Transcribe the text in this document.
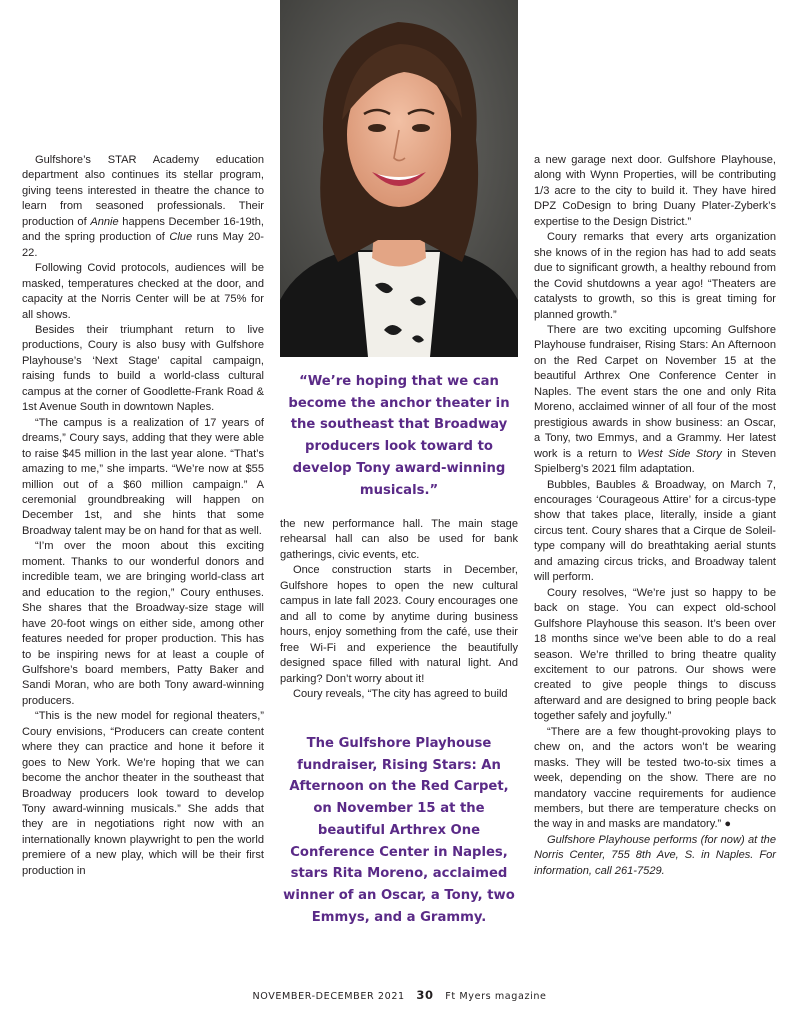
Gulfshore’s STAR Academy education department also continues its stellar program, giving teens interested in theatre the chance to learn from seasoned professionals. Their production of Annie happens December 16-19th, and the spring production of Clue runs May 20-22.

Following Covid protocols, audiences will be masked, temperatures checked at the door, and capacity at the Norris Center will be at 75% for all shows.

Besides their triumphant return to live productions, Coury is also busy with Gulfshore Playhouse’s ‘Next Stage’ capital campaign, raising funds to build a world-class cultural campus at the corner of Goodlette-Frank Road & 1st Avenue South in downtown Naples.

“The campus is a realization of 17 years of dreams,” Coury says, adding that they were able to raise $45 million in the last year alone. “That’s amazing to me,” she imparts. “We’re now at $55 million out of a $60 million campaign.” A ceremonial groundbreaking will happen on December 1st, and she hints that some Broadway talent may be on hand for that as well.

“I’m over the moon about this exciting moment. Thanks to our wonderful donors and incredible team, we are bringing world-class art and education to the region,” Coury enthuses. She shares that the Broadway-size stage will have 20-foot wings on either side, among other features needed for proper production. This has to be inspiring news for at least a couple of Gulfshore’s board members, Patty Baker and Sandi Moran, who are both Tony award-winning producers.

“This is the new model for regional theaters,” Coury envisions, “Producers can create content where they can practice and hone it before it goes to New York. We’re hoping that we can become the anchor theater in the southeast that Broadway producers look toward to develop Tony award-winning musicals.” She adds that they are in negotiations right now with an internationally known playwright to pen the world premiere of a new play, which will be their first production in

“We’re hoping that we can become the anchor theater in the southeast that Broadway producers look toward to develop Tony award-winning musicals.”

the new performance hall. The main stage rehearsal hall can also be used for bank gatherings, civic events, etc.

Once construction starts in December, Gulfshore hopes to open the new cultural campus in late fall 2023. Coury encourages one and all to come by anytime during business hours, enjoy something from the café, use their free Wi-Fi and experience the beautifully designed space filled with natural light. And parking? Don’t worry about it!

Coury reveals, “The city has agreed to build

The Gulfshore Playhouse fundraiser, Rising Stars: An Afternoon on the Red Carpet, on November 15 at the beautiful Arthrex One Conference Center in Naples, stars Rita Moreno, acclaimed winner of an Oscar, a Tony, two Emmys, and a Grammy.

a new garage next door. Gulfshore Playhouse, along with Wynn Properties, will be contributing 1/3 acre to the city to build it. They have hired DPZ CoDesign to bring Duany Plater-Zyberk’s expertise to the Design District.”

Coury remarks that every arts organization she knows of in the region has had to add seats due to significant growth, a healthy rebound from the Covid shutdowns a year ago! “Theaters are catalysts to growth, so this is great timing for planned growth.”

There are two exciting upcoming Gulfshore Playhouse fundraiser, Rising Stars: An Afternoon on the Red Carpet on November 15 at the beautiful Arthrex One Conference Center in Naples. The event stars the one and only Rita Moreno, acclaimed winner of all four of the most prestigious awards in show business: an Oscar, a Tony, two Emmys, and a Grammy. Her latest work is a return to West Side Story in Steven Spielberg’s 2021 film adaptation.

Bubbles, Baubles & Broadway, on March 7, encourages ‘Courageous Attire’ for a circus-type show that takes place, literally, inside a giant circus tent. Coury shares that a Cirque de Soleil-type company will do breathtaking aerial stunts and amazing circus tricks, and Broadway talent will perform.

Coury resolves, “We’re just so happy to be back on stage. You can expect old-school Gulfshore Playhouse this season. It’s been over 18 months since we’ve been able to do a real season. We’re thrilled to bring theatre quality excitement to our patrons. Our shows were created to give people things to discuss afterward and are designed to bring people back together safely and joyfully.”

“There are a few thought-provoking plays to chew on, and the actors won’t be wearing masks. They will be tested two-to-six times a week, depending on the show. There are no mandatory vaccine requirements for audience members, but there are temperature checks on the way in and masks are mandatory.” ●

Gulfshore Playhouse performs (for now) at the Norris Center, 755 8th Ave, S. in Naples. For information, call 261-7529.

NOVEMBER-DECEMBER 2021 30 Ft Myers magazine
